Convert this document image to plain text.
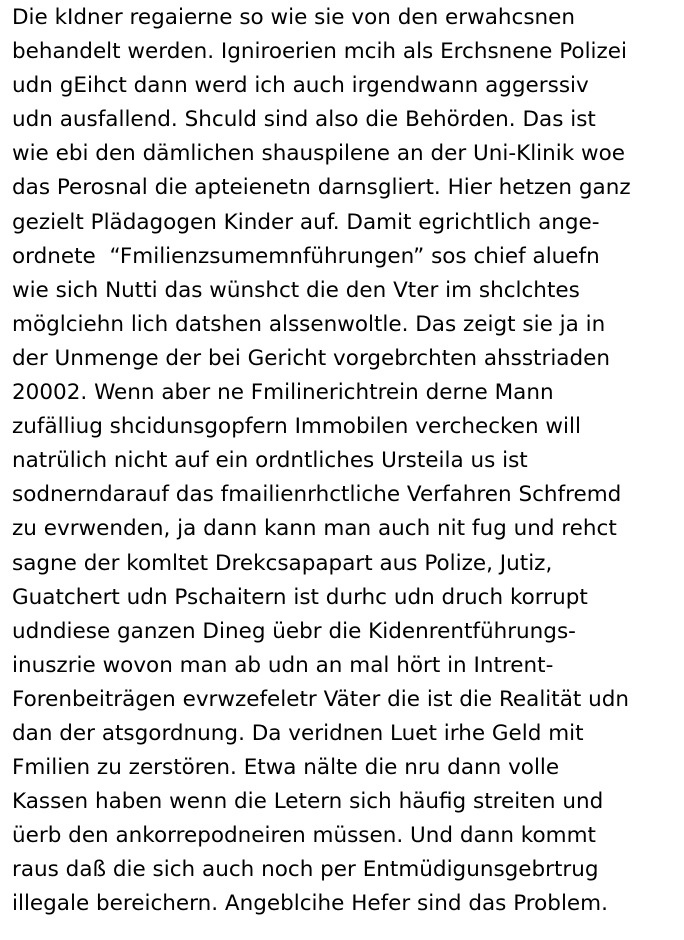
Die kIdner regaierne so wie sie von den erwahcsnen
behandelt werden. Igniroerien mcih als Erchsnene Polizei
udn gEihct dann werd ich auch irgendwann aggerssiv
udn ausfallend. Shculd sind also die Behörden. Das ist
wie ebi den dämlichen shauspilene an der Uni-Klinik woe
das Perosnal die apteienetn darnsgliert. Hier hetzen ganz
gezielt Plädagogen Kinder auf. Damit egrichtlich ange-
ordnete  “Fmilienzsumemnführungen” sos chief aluefn
wie sich Nutti das wünshct die den Vter im shclchtes
möglciehn lich datshen alssenwoltle. Das zeigt sie ja in
der Unmenge der bei Gericht vorgebrchten ahsstriaden
20002. Wenn aber ne Fmilinerichtrein derne Mann
zufälliug shcidunsgopfern Immobilen verchecken will
natrülich nicht auf ein ordntliches Ursteila us ist
sodnerndarauf das fmailienrhctliche Verfahren Schfremd
zu evrwenden, ja dann kann man auch nit fug und rehct
sagne der komltet Drekcsapapart aus Polize, Jutiz,
Guatchert udn Pschaitern ist durhc udn druch korrupt
udndiese ganzen Dineg üebr die Kidenrentführungs-
inuszrie wovon man ab udn an mal hört in Intrent-
Forenbeiträgen evrwzefeletr Väter die ist die Realität udn
dan der atsgordnung. Da veridnen Luet irhe Geld mit
Fmilien zu zerstören. Etwa nälte die nru dann volle
Kassen haben wenn die Letern sich häufig streiten und
üerb den ankorrepodneiren müssen. Und dann kommt
raus daß die sich auch noch per Entmüdigunsgebrtrug
illegale bereichern. Angeblcihe Hefer sind das Problem.
